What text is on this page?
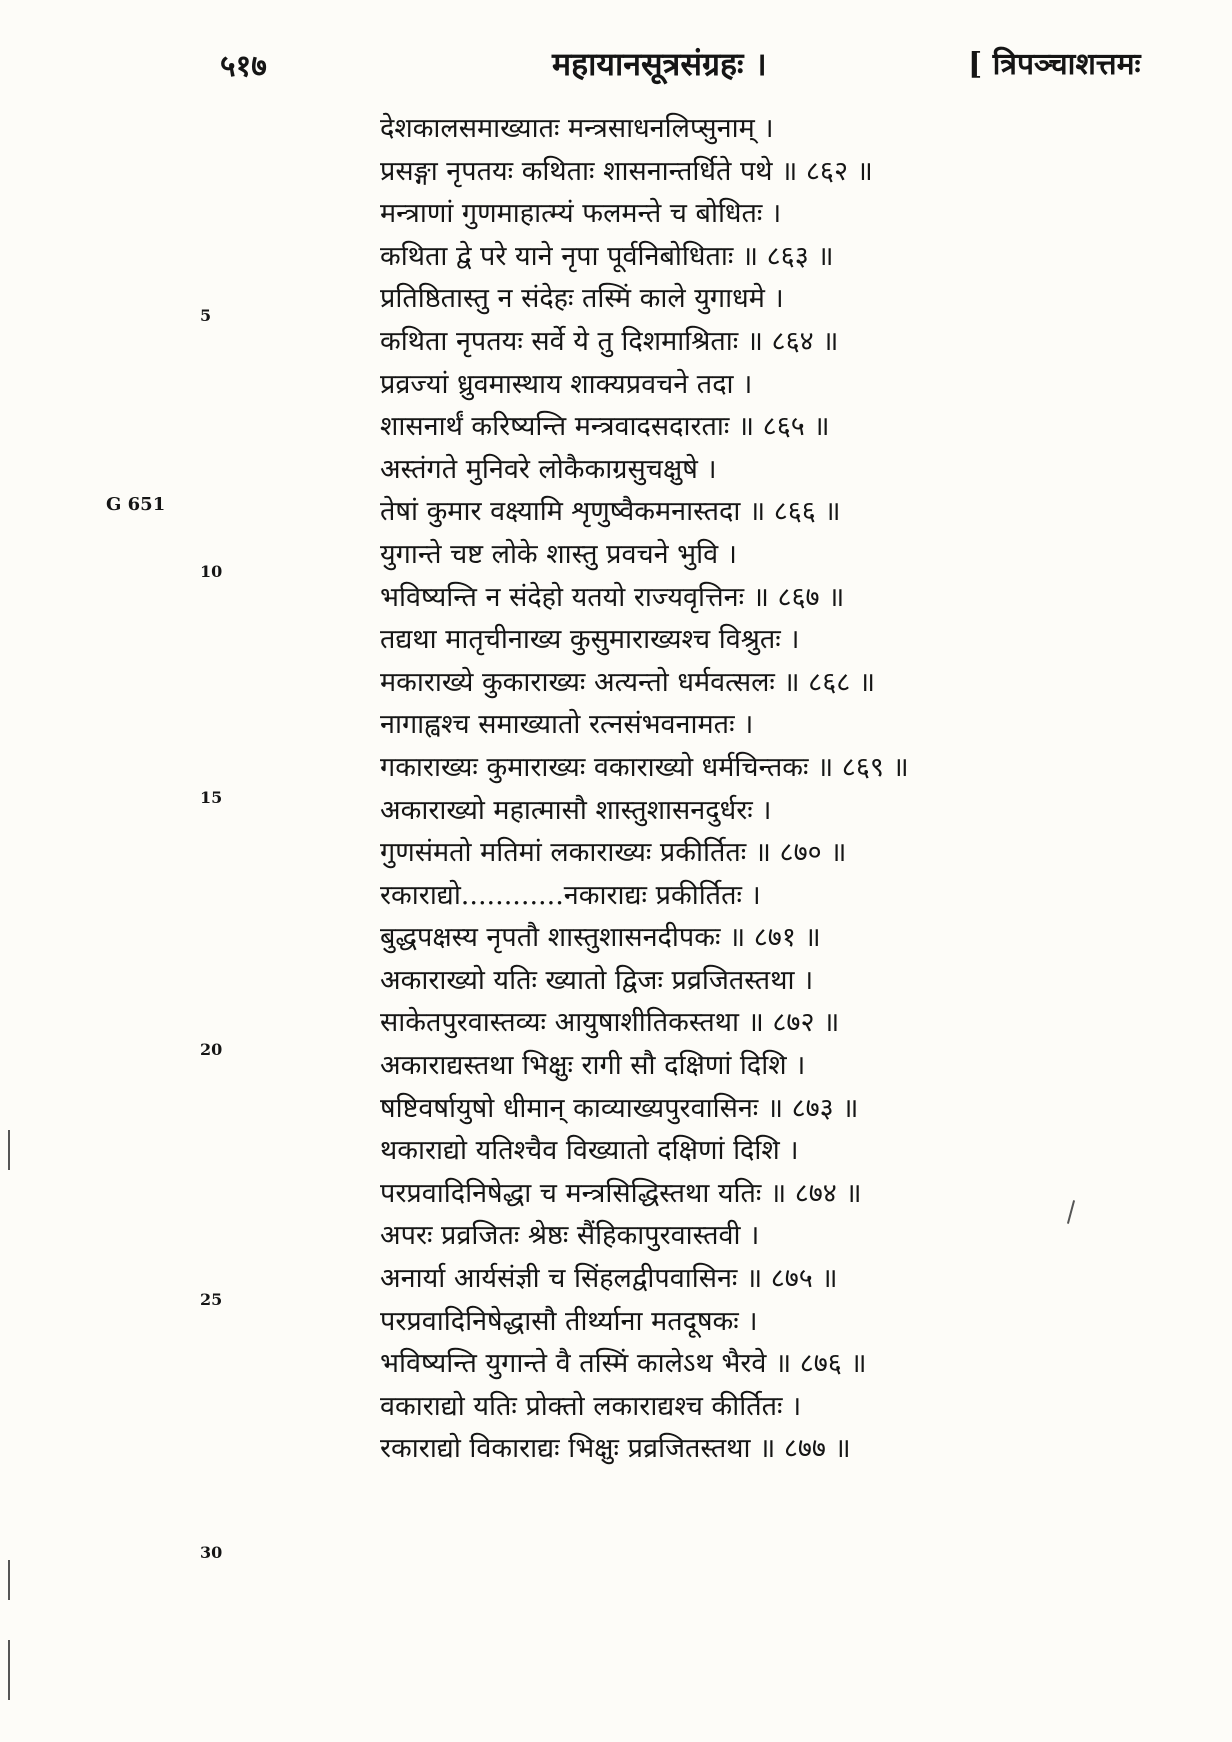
५१७	महायानसूत्रसंग्रहः ।	[ त्रिपञ्चाशत्तमः
G 651
5
10
15
20
25
30
देशकालसमाख्यातः मन्त्रसाधनलिप्सुनाम् ।
प्रसङ्गा नृपतयः कथिताः शासनान्तर्धिते पथे ॥ ८६२ ॥
मन्त्राणां गुणमाहात्म्यं फलमन्ते च बोधितः ।
कथिता द्वे परे याने नृपा पूर्वनिबोधिताः ॥ ८६३ ॥
प्रतिष्ठितास्तु न संदेहः तस्मिं काले युगाधमे ।
कथिता नृपतयः सर्वे ये तु दिशमाश्रिताः ॥ ८६४ ॥
प्रव्रज्यां ध्रुवमास्थाय शाक्यप्रवचने तदा ।
शासनार्थं करिष्यन्ति मन्त्रवादसदारताः ॥ ८६५ ॥
अस्तंगते मुनिवरे लोकैकाग्रसुचक्षुषे ।
तेषां कुमार वक्ष्यामि शृणुष्वैकमनास्तदा ॥ ८६६ ॥
युगान्ते चष्ट लोके शास्तु प्रवचने भुवि ।
भविष्यन्ति न संदेहो यतयो राज्यवृत्तिनः ॥ ८६७ ॥
तद्यथा मातृचीनाख्य कुसुमाराख्यश्च विश्रुतः ।
मकाराख्ये कुकाराख्यः अत्यन्तो धर्मवत्सलः ॥ ८६८ ॥
नागाह्वश्च समाख्यातो रत्नसंभवनामतः ।
गकाराख्यः कुमाराख्यः वकाराख्यो धर्मचिन्तकः ॥ ८६९ ॥
अकाराख्यो महात्मासौ शास्तुशासनदुर्धरः ।
गुणसंमतो मतिमां लकाराख्यः प्रकीर्तितः ॥ ८७० ॥
रकाराद्यो............नकाराद्यः प्रकीर्तितः ।
बुद्धपक्षस्य नृपतौ शास्तुशासनदीपकः ॥ ८७१ ॥
अकाराख्यो यतिः ख्यातो द्विजः प्रव्रजितस्तथा ।
साकेतपुरवास्तव्यः आयुषाशीतिकस्तथा ॥ ८७२ ॥
अकाराद्यस्तथा भिक्षुः रागी सौ दक्षिणां दिशि ।
षष्टिवर्षायुषो धीमान् काव्याख्यपुरवासिनः ॥ ८७३ ॥
थकाराद्यो यतिश्चैव विख्यातो दक्षिणां दिशि ।
परप्रवादिनिषेद्धा च मन्त्रसिद्धिस्तथा यतिः ॥ ८७४ ॥
अपरः प्रव्रजितः श्रेष्ठः सैंहिकापुरवास्तवी ।
अनार्या आर्यसंज्ञी च सिंहलद्वीपवासिनः ॥ ८७५ ॥
परप्रवादिनिषेद्धासौ तीर्थ्याना मतदूषकः ।
भविष्यन्ति युगान्ते वै तस्मिं कालेऽथ भैरवे ॥ ८७६ ॥
वकाराद्यो यतिः प्रोक्तो लकाराद्यश्च कीर्तितः ।
रकाराद्यो विकाराद्यः भिक्षुः प्रव्रजितस्तथा ॥ ८७७ ॥
